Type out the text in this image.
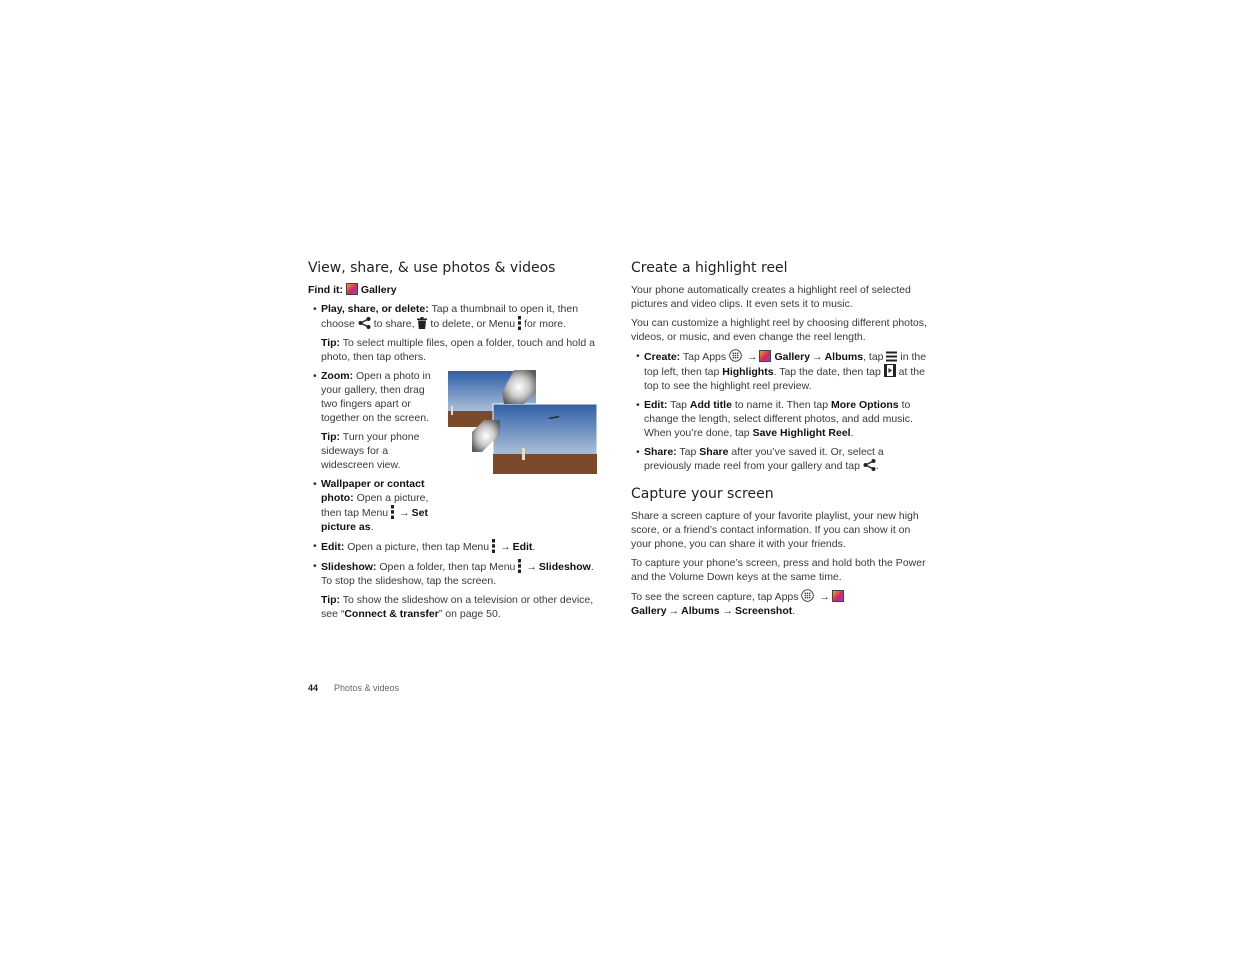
View, share, & use photos & videos

Find it: Gallery

• Play, share, or delete: Tap a thumbnail to open it, then choose to share, to delete, or Menu for more.

Tip: To select multiple files, open a folder, touch and hold a photo, then tap others.

• Zoom: Open a photo in your gallery, then drag two fingers apart or together on the screen.

Tip: Turn your phone sideways for a widescreen view.

• Wallpaper or contact photo: Open a picture, then tap Menu → Set picture as.
• Edit: Open a picture, then tap Menu → Edit.
• Slideshow: Open a folder, then tap Menu → Slideshow. To stop the slideshow, tap the screen.

Tip: To show the slideshow on a television or other device, see “Connect & transfer” on page 50.

Create a highlight reel

Your phone automatically creates a highlight reel of selected pictures and video clips. It even sets it to music.

You can customize a highlight reel by choosing different photos, videos, or music, and even change the reel length.

• Create: Tap Apps → Gallery → Albums, tap in the top left, then tap Highlights. Tap the date, then tap at the top to see the highlight reel preview.
• Edit: Tap Add title to name it. Then tap More Options to change the length, select different photos, and add music. When you’re done, tap Save Highlight Reel.
• Share: Tap Share after you’ve saved it. Or, select a previously made reel from your gallery and tap .
Capture your screen

Share a screen capture of your favorite playlist, your new high score, or a friend’s contact information. If you can show it on your phone, you can share it with your friends.

To capture your phone’s screen, press and hold both the Power and the Volume Down keys at the same time.

To see the screen capture, tap Apps →Gallery → Albums → Screenshot.

44 Photos & videos
